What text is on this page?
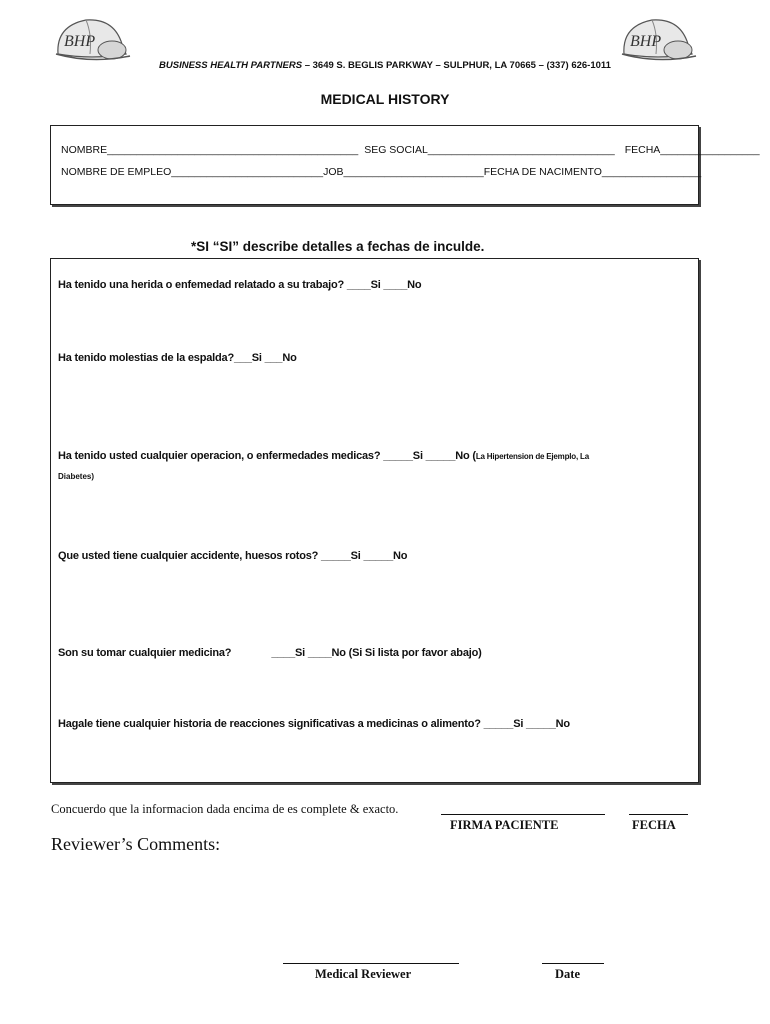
BHP	BHP
BUSINESS HEALTH PARTNERS – 3649 S. BEGLIS PARKWAY – SULPHUR, LA 70665 – (337) 626-1011
MEDICAL HISTORY
NOMBRE___________________________________________ SEG SOCIAL________________________________ FECHA_________________
NOMBRE DE EMPLEO__________________________JOB________________________FECHA DE NACIMENTO_________________
*SI “SI” describe detalles a fechas de inculde.
Ha tenido una herida o enfemedad relatado a su trabajo? ____Si ____No
Ha tenido molestias de la espalda?___Si ___No
Ha tenido usted cualquier operacion, o enfermedades medicas? _____Si _____No (La Hipertension de Ejemplo, La
Diabetes)
Que usted tiene cualquier accidente, huesos rotos? _____Si _____No
Son su tomar cualquier medicina?	____Si ____No (Si Si lista por favor abajo)
Hagale tiene cualquier historia de reacciones significativas a medicinas o alimento? _____Si _____No
Concuerdo que la informacion dada encima de es complete & exacto.
FIRMA PACIENTE	FECHA
Reviewer’s Comments:
Medical Reviewer	Date
